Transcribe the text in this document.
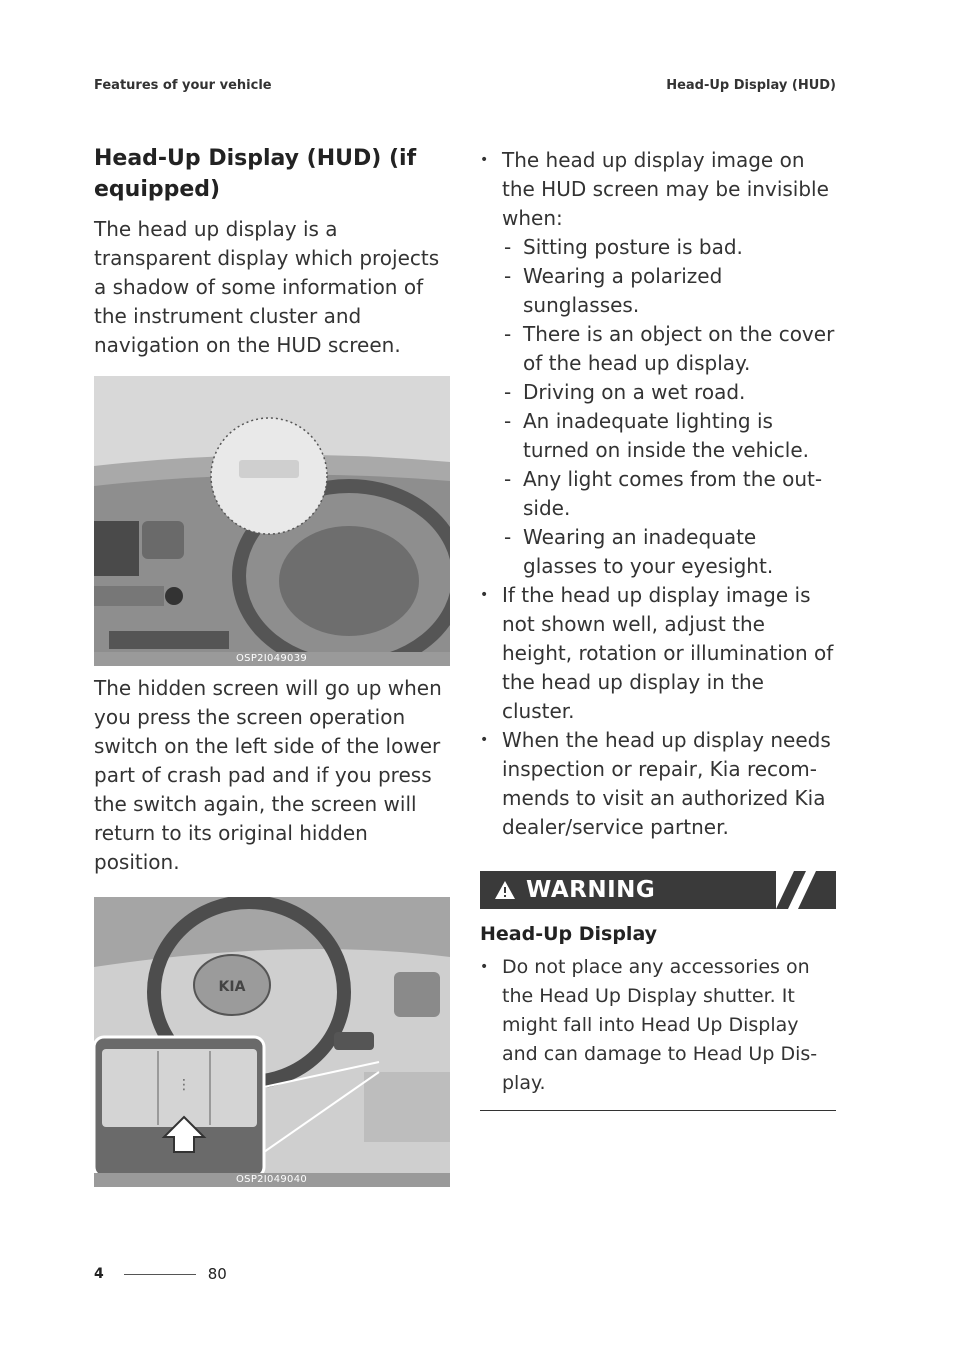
Features of your vehicle	Head-Up Display (HUD)
Head-Up Display (HUD) (if equipped)

The head up display is a transparent display which projects a shadow of some information of the instrument cluster and navigation on the HUD screen.

OSP2I049039

The hidden screen will go up when you press the screen operation switch on the left side of the lower part of crash pad and if you press the switch again, the screen will return to its original hidden position.

KIA
⋮
OSP2I049040
• The head up display image on the HUD screen may be invisible when:
- Sitting posture is bad.
- Wearing a polarized sunglasses.
- There is an object on the cover of the head up display.
- Driving on a wet road.
- An inadequate lighting is turned on inside the vehicle.
- Any light comes from the out-side.
- Wearing an inadequate glasses to your eyesight.
• If the head up display image is not shown well, adjust the height, rotation or illumination of the head up display in the cluster.
• When the head up display needs inspection or repair, Kia recom-mends to visit an authorized Kia dealer/service partner.
WARNING
Head-Up Display
• Do not place any accessories on the Head Up Display shutter. It might fall into Head Up Display and can damage to Head Up Dis-play.
4	80
